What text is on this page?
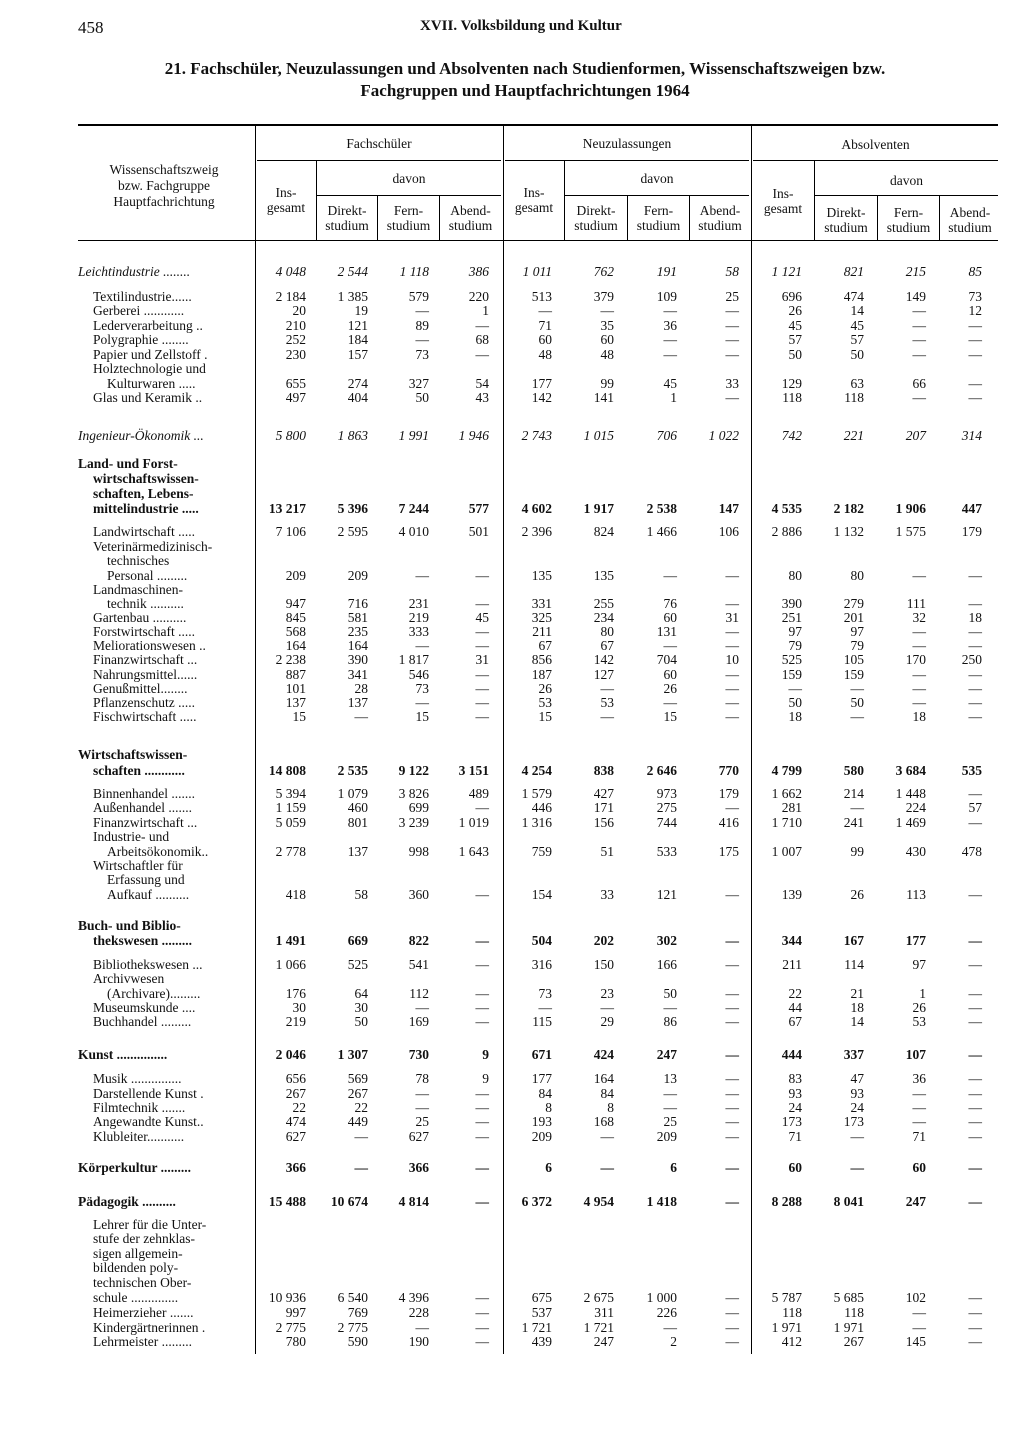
458	XVII. Volksbildung und Kultur
21. Fachschüler, Neuzulassungen und Absolventen nach Studienformen, Wissenschaftszweigen bzw.
Fachgruppen und Hauptfachrichtungen 1964
Wissenschaftszweig
bzw. Fachgruppe
Hauptfachrichtung
Fachschüler	Neuzulassungen	Absolventen
davon	davon	davon
Ins-
gesamt
Ins-
gesamt
Ins-
gesamt
Direkt-
studium
Fern-
studium
Abend-
studium
Direkt-
studium
Fern-
studium
Abend-
studium
Direkt-
studium
Fern-
studium
Abend-
studium
Leichtindustrie ........	4 048	2 544	1 118	386	1 011	762	191	58	1 121	821	215	85
Textilindustrie......	2 184	1 385	579	220	513	379	109	25	696	474	149	73
Gerberei ............	20	19	—	1	—	—	—	—	26	14	—	12
Lederverarbeitung ..	210	121	89	—	71	35	36	—	45	45	—	—
Polygraphie ........	252	184	—	68	60	60	—	—	57	57	—	—
Papier und Zellstoff .	230	157	73	—	48	48	—	—	50	50	—	—
Holztechnologie und
Kulturwaren .....	655	274	327	54	177	99	45	33	129	63	66	—
Glas und Keramik ..	497	404	50	43	142	141	1	—	118	118	—	—
Ingenieur-Ökonomik ...	5 800	1 863	1 991	1 946	2 743	1 015	706	1 022	742	221	207	314
Land- und Forst-
wirtschaftswissen-
schaften, Lebens-
mittelindustrie .....	13 217	5 396	7 244	577	4 602	1 917	2 538	147	4 535	2 182	1 906	447
Landwirtschaft .....	7 106	2 595	4 010	501	2 396	824	1 466	106	2 886	1 132	1 575	179
Veterinärmedizinisch-
technisches
Personal .........	209	209	—	—	135	135	—	—	80	80	—	—
Landmaschinen-
technik ..........	947	716	231	—	331	255	76	—	390	279	111	—
Gartenbau ..........	845	581	219	45	325	234	60	31	251	201	32	18
Forstwirtschaft .....	568	235	333	—	211	80	131	—	97	97	—	—
Meliorationswesen ..	164	164	—	—	67	67	—	—	79	79	—	—
Finanzwirtschaft ...	2 238	390	1 817	31	856	142	704	10	525	105	170	250
Nahrungsmittel......	887	341	546	—	187	127	60	—	159	159	—	—
Genußmittel........	101	28	73	—	26	—	26	—	—	—	—	—
Pflanzenschutz .....	137	137	—	—	53	53	—	—	50	50	—	—
Fischwirtschaft .....	15	—	15	—	15	—	15	—	18	—	18	—
Wirtschaftswissen-
schaften ............	14 808	2 535	9 122	3 151	4 254	838	2 646	770	4 799	580	3 684	535
Binnenhandel .......	5 394	1 079	3 826	489	1 579	427	973	179	1 662	214	1 448	—
Außenhandel .......	1 159	460	699	—	446	171	275	—	281	—	224	57
Finanzwirtschaft ...	5 059	801	3 239	1 019	1 316	156	744	416	1 710	241	1 469	—
Industrie- und
Arbeitsökonomik..	2 778	137	998	1 643	759	51	533	175	1 007	99	430	478
Wirtschaftler für
Erfassung und
Aufkauf ..........	418	58	360	—	154	33	121	—	139	26	113	—
Buch- und Biblio-
thekswesen .........	1 491	669	822	—	504	202	302	—	344	167	177	—
Bibliothekswesen ...	1 066	525	541	—	316	150	166	—	211	114	97	—
Archivwesen
(Archivare).........	176	64	112	—	73	23	50	—	22	21	1	—
Museumskunde ....	30	30	—	—	—	—	—	—	44	18	26	—
Buchhandel .........	219	50	169	—	115	29	86	—	67	14	53	—
Kunst ...............	2 046	1 307	730	9	671	424	247	—	444	337	107	—
Musik ...............	656	569	78	9	177	164	13	—	83	47	36	—
Darstellende Kunst .	267	267	—	—	84	84	—	—	93	93	—	—
Filmtechnik .......	22	22	—	—	8	8	—	—	24	24	—	—
Angewandte Kunst..	474	449	25	—	193	168	25	—	173	173	—	—
Klubleiter...........	627	—	627	—	209	—	209	—	71	—	71	—
Körperkultur .........	366	—	366	—	6	—	6	—	60	—	60	—
Pädagogik ..........	15 488	10 674	4 814	—	6 372	4 954	1 418	—	8 288	8 041	247	—
Lehrer für die Unter-
stufe der zehnklas-
sigen allgemein-
bildenden poly-
technischen Ober-
schule ..............	10 936	6 540	4 396	—	675	2 675	1 000	—	5 787	5 685	102	—
Heimerzieher .......	997	769	228	—	537	311	226	—	118	118	—	—
Kindergärtnerinnen .	2 775	2 775	—	—	1 721	1 721	—	—	1 971	1 971	—	—
Lehrmeister .........	780	590	190	—	439	247	2	—	412	267	145	—
